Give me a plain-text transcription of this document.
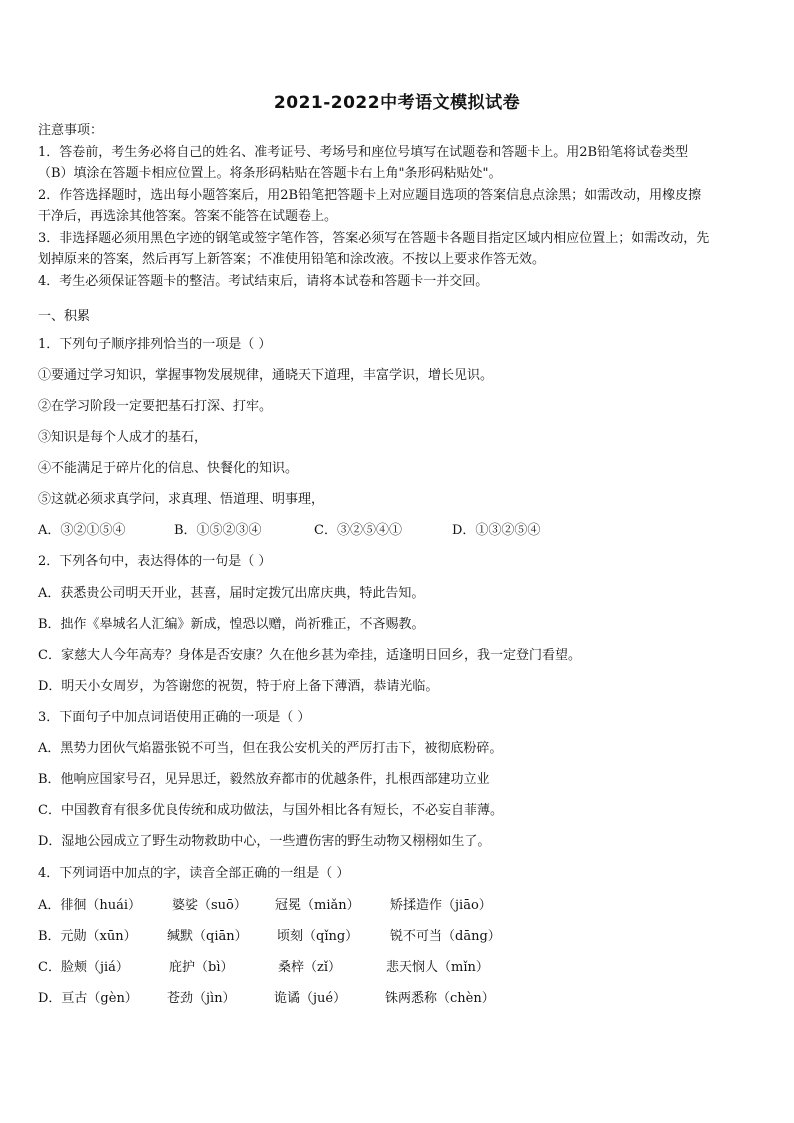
2021-2022中考语文模拟试卷

注意事项：

1．答卷前，考生务必将自己的姓名、准考证号、考场号和座位号填写在试题卷和答题卡上。用2B铅笔将试卷类型

（B）填涂在答题卡相应位置上。将条形码粘贴在答题卡右上角"条形码粘贴处"。

2．作答选择题时，选出每小题答案后，用2B铅笔把答题卡上对应题目选项的答案信息点涂黑；如需改动，用橡皮擦

干净后，再选涂其他答案。答案不能答在试题卷上。

3．非选择题必须用黑色字迹的钢笔或签字笔作答，答案必须写在答题卡各题目指定区域内相应位置上；如需改动，先

划掉原来的答案，然后再写上新答案；不准使用铅笔和涂改液。不按以上要求作答无效。

4．考生必须保证答题卡的整洁。考试结束后，请将本试卷和答题卡一并交回。

一、积累
1．下列句子顺序排列恰当的一项是（ ）
①要通过学习知识，掌握事物发展规律，通晓天下道理，丰富学识，增长见识。
②在学习阶段一定要把基石打深、打牢。
③知识是每个人成才的基石，
④不能满足于碎片化的信息、快餐化的知识。
⑤这就必须求真学问，求真理、悟道理、明事理，
A．③②①⑤④	B．①⑤②③④	C．③②⑤④①	D．①③②⑤④
2．下列各句中，表达得体的一句是（ ）
A．获悉贵公司明天开业，甚喜，届时定拨冗出席庆典，特此告知。
B．拙作《皋城名人汇编》新成，惶恐以赠，尚祈雅正，不吝赐教。
C．家慈大人今年高寿？身体是否安康？久在他乡甚为牵挂，适逢明日回乡，我一定登门看望。
D．明天小女周岁，为答谢您的祝贺，特于府上备下薄酒，恭请光临。
3．下面句子中加点词语使用正确的一项是（ ）
A．黑势力团伙气焰嚣张锐不可当，但在我公安机关的严厉打击下，被彻底粉碎。
B．他响应国家号召，见异思迁，毅然放弃都市的优越条件，扎根西部建功立业
C．中国教育有很多优良传统和成功做法，与国外相比各有短长，不必妄自菲薄。
D．湿地公园成立了野生动物救助中心，一些遭伤害的野生动物又栩栩如生了。
4．下列词语中加点的字，读音全部正确的一组是（ ）
A．徘徊（huái） 婆娑（suō） 冠冕（miǎn） 矫揉造作（jiāo）
B．元勋（xūn） 缄默（qiān） 顷刻（qǐng） 锐不可当（dāng）
C．脸颊（jiá）	庇护（bì）	桑梓（zǐ）	悲天悯人（mǐn）
D．亘古（gèn） 苍劲（jìn）	诡谲（jué）	铢两悉称（chèn）
